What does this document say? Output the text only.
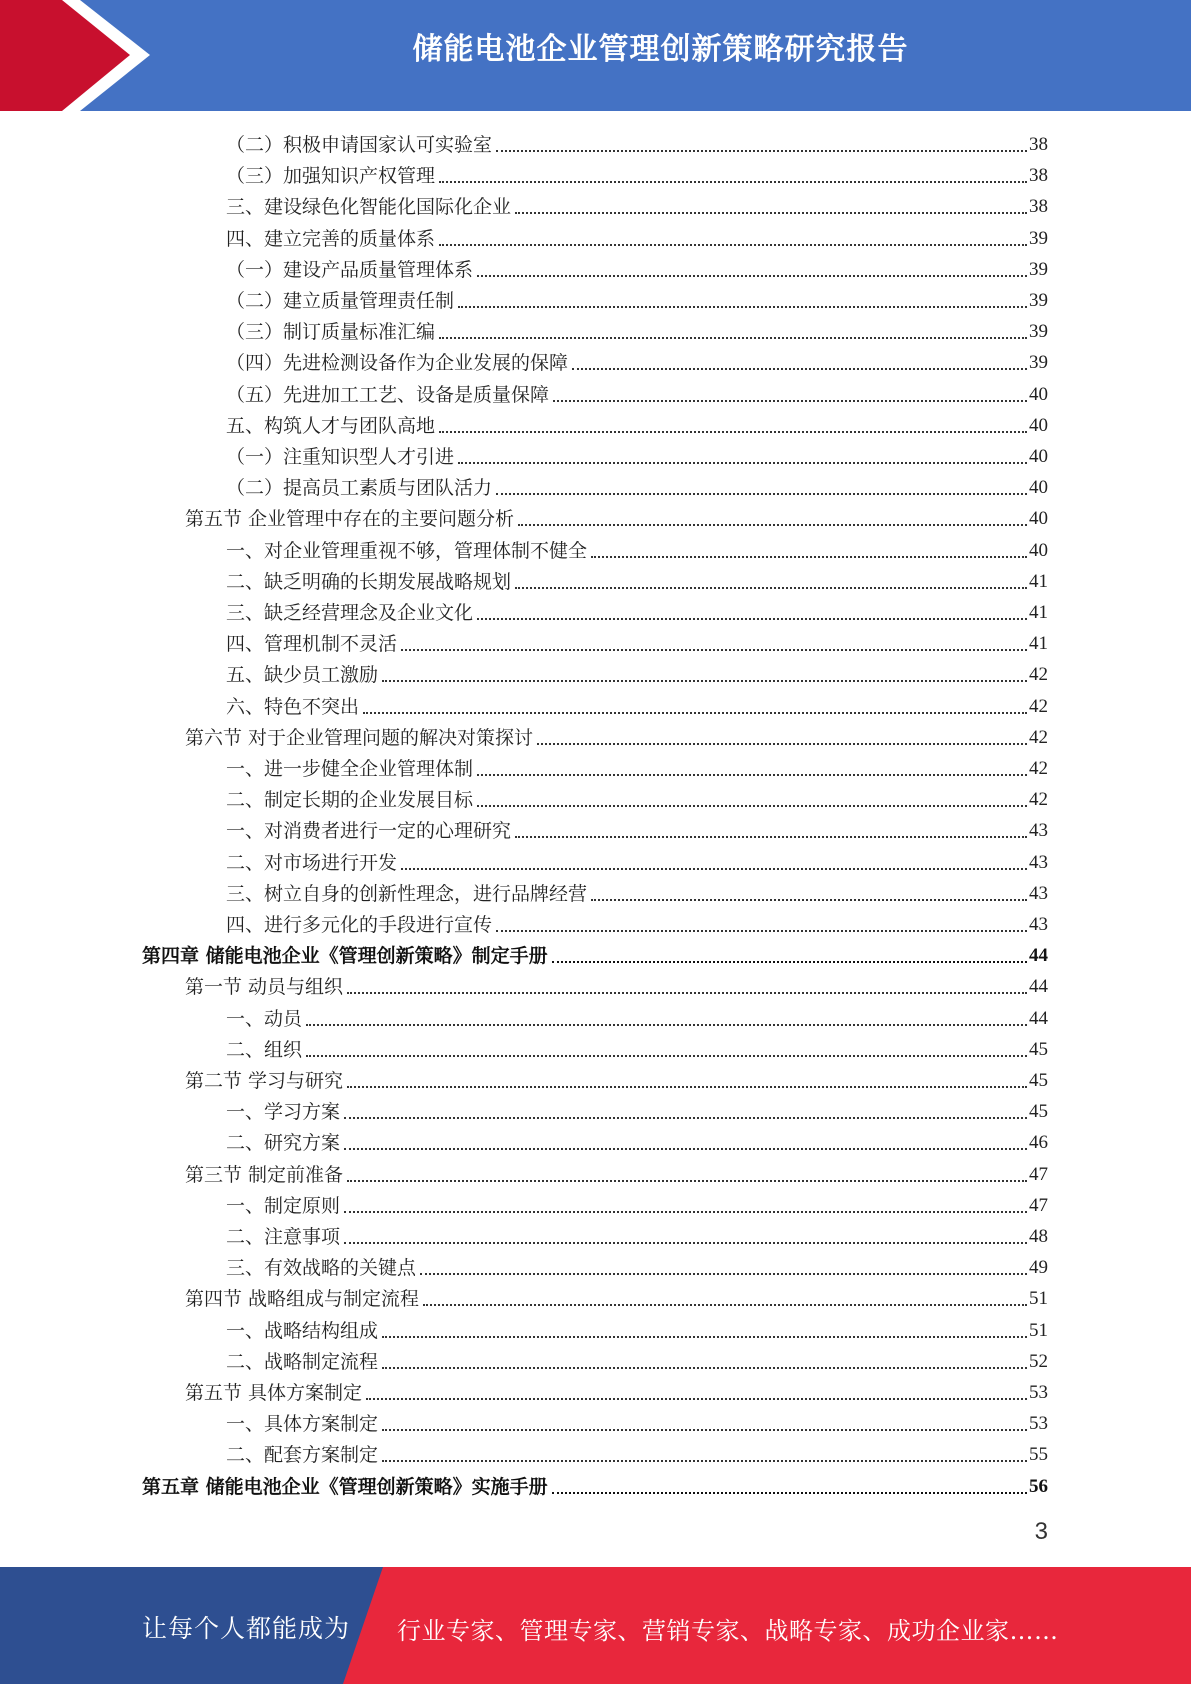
储能电池企业管理创新策略研究报告
（二）积极申请国家认可实验室	38
（三）加强知识产权管理	38
三、建设绿色化智能化国际化企业	38
四、建立完善的质量体系	39
（一）建设产品质量管理体系	39
（二）建立质量管理责任制	39
（三）制订质量标准汇编	39
（四）先进检测设备作为企业发展的保障	39
（五）先进加工工艺、设备是质量保障	40
五、构筑人才与团队高地	40
（一）注重知识型人才引进	40
（二）提高员工素质与团队活力	40
第五节 企业管理中存在的主要问题分析	40
一、对企业管理重视不够，管理体制不健全	40
二、缺乏明确的长期发展战略规划	41
三、缺乏经营理念及企业文化	41
四、管理机制不灵活	41
五、缺少员工激励	42
六、特色不突出	42
第六节 对于企业管理问题的解决对策探讨	42
一、进一步健全企业管理体制	42
二、制定长期的企业发展目标	42
一、对消费者进行一定的心理研究	43
二、对市场进行开发	43
三、树立自身的创新性理念，进行品牌经营	43
四、进行多元化的手段进行宣传	43
第四章 储能电池企业《管理创新策略》制定手册	44
第一节 动员与组织	44
一、动员	44
二、组织	45
第二节 学习与研究	45
一、学习方案	45
二、研究方案	46
第三节 制定前准备	47
一、制定原则	47
二、注意事项	48
三、有效战略的关键点	49
第四节 战略组成与制定流程	51
一、战略结构组成	51
二、战略制定流程	52
第五节 具体方案制定	53
一、具体方案制定	53
二、配套方案制定	55
第五章 储能电池企业《管理创新策略》实施手册	56
3
让每个人都能成为 行业专家、管理专家、营销专家、战略专家、成功企业家……
